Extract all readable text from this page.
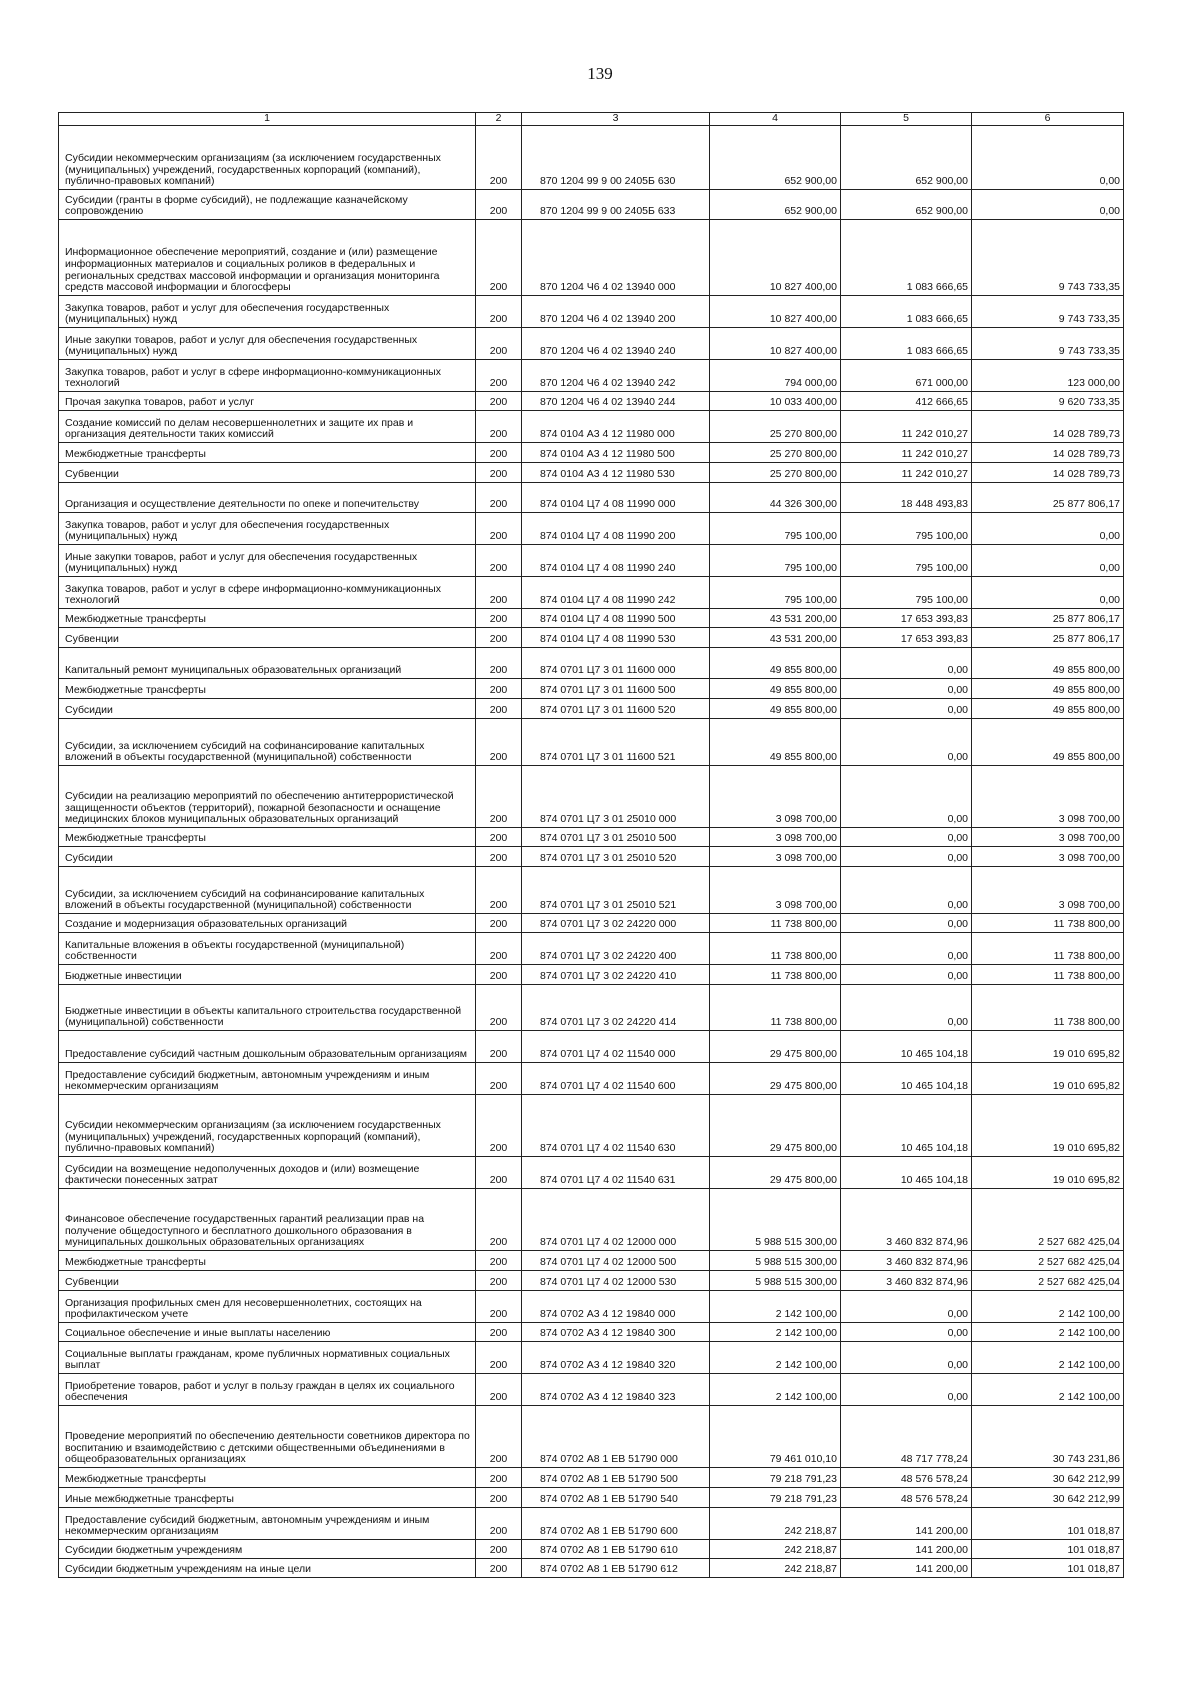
139
1	2	3	4	5	6
Субсидии некоммерческим организациям (за исключением государственных (муниципальных) учреждений, государственных корпораций (компаний), публично-правовых компаний)	200	870 1204 99 9 00 2405Б 630	652 900,00	652 900,00	0,00
Субсидии (гранты в форме субсидий), не подлежащие казначейскому сопровождению	200	870 1204 99 9 00 2405Б 633	652 900,00	652 900,00	0,00
Информационное обеспечение мероприятий, создание и (или) размещение информационных материалов и социальных роликов в федеральных и региональных средствах массовой информации и организация мониторинга средств массовой информации и блогосферы	200	870 1204 Ч6 4 02 13940 000	10 827 400,00	1 083 666,65	9 743 733,35
Закупка товаров, работ и услуг для обеспечения государственных (муниципальных) нужд	200	870 1204 Ч6 4 02 13940 200	10 827 400,00	1 083 666,65	9 743 733,35
Иные закупки товаров, работ и услуг для обеспечения государственных (муниципальных) нужд	200	870 1204 Ч6 4 02 13940 240	10 827 400,00	1 083 666,65	9 743 733,35
Закупка товаров, работ и услуг в сфере информационно-коммуникационных технологий	200	870 1204 Ч6 4 02 13940 242	794 000,00	671 000,00	123 000,00
Прочая закупка товаров, работ и услуг	200	870 1204 Ч6 4 02 13940 244	10 033 400,00	412 666,65	9 620 733,35
Создание комиссий по делам несовершеннолетних и защите их прав и организация деятельности таких комиссий	200	874 0104 А3 4 12 11980 000	25 270 800,00	11 242 010,27	14 028 789,73
Межбюджетные трансферты	200	874 0104 А3 4 12 11980 500	25 270 800,00	11 242 010,27	14 028 789,73
Субвенции	200	874 0104 А3 4 12 11980 530	25 270 800,00	11 242 010,27	14 028 789,73
Организация и осуществление деятельности по опеке и попечительству	200	874 0104 Ц7 4 08 11990 000	44 326 300,00	18 448 493,83	25 877 806,17
Закупка товаров, работ и услуг для обеспечения государственных (муниципальных) нужд	200	874 0104 Ц7 4 08 11990 200	795 100,00	795 100,00	0,00
Иные закупки товаров, работ и услуг для обеспечения государственных (муниципальных) нужд	200	874 0104 Ц7 4 08 11990 240	795 100,00	795 100,00	0,00
Закупка товаров, работ и услуг в сфере информационно-коммуникационных технологий	200	874 0104 Ц7 4 08 11990 242	795 100,00	795 100,00	0,00
Межбюджетные трансферты	200	874 0104 Ц7 4 08 11990 500	43 531 200,00	17 653 393,83	25 877 806,17
Субвенции	200	874 0104 Ц7 4 08 11990 530	43 531 200,00	17 653 393,83	25 877 806,17
Капитальный ремонт муниципальных образовательных организаций	200	874 0701 Ц7 3 01 11600 000	49 855 800,00	0,00	49 855 800,00
Межбюджетные трансферты	200	874 0701 Ц7 3 01 11600 500	49 855 800,00	0,00	49 855 800,00
Субсидии	200	874 0701 Ц7 3 01 11600 520	49 855 800,00	0,00	49 855 800,00
Субсидии, за исключением субсидий на софинансирование капитальных вложений в объекты государственной (муниципальной) собственности	200	874 0701 Ц7 3 01 11600 521	49 855 800,00	0,00	49 855 800,00
Субсидии на реализацию мероприятий по обеспечению антитеррористической защищенности объектов (территорий), пожарной безопасности и оснащение медицинских блоков муниципальных образовательных организаций	200	874 0701 Ц7 3 01 25010 000	3 098 700,00	0,00	3 098 700,00
Межбюджетные трансферты	200	874 0701 Ц7 3 01 25010 500	3 098 700,00	0,00	3 098 700,00
Субсидии	200	874 0701 Ц7 3 01 25010 520	3 098 700,00	0,00	3 098 700,00
Субсидии, за исключением субсидий на софинансирование капитальных вложений в объекты государственной (муниципальной) собственности	200	874 0701 Ц7 3 01 25010 521	3 098 700,00	0,00	3 098 700,00
Создание и модернизация образовательных организаций	200	874 0701 Ц7 3 02 24220 000	11 738 800,00	0,00	11 738 800,00
Капитальные вложения в объекты государственной (муниципальной) собственности	200	874 0701 Ц7 3 02 24220 400	11 738 800,00	0,00	11 738 800,00
Бюджетные инвестиции	200	874 0701 Ц7 3 02 24220 410	11 738 800,00	0,00	11 738 800,00
Бюджетные инвестиции в объекты капитального строительства государственной (муниципальной) собственности	200	874 0701 Ц7 3 02 24220 414	11 738 800,00	0,00	11 738 800,00
Предоставление субсидий частным дошкольным образовательным организациям	200	874 0701 Ц7 4 02 11540 000	29 475 800,00	10 465 104,18	19 010 695,82
Предоставление субсидий бюджетным, автономным учреждениям и иным некоммерческим организациям	200	874 0701 Ц7 4 02 11540 600	29 475 800,00	10 465 104,18	19 010 695,82
Субсидии некоммерческим организациям (за исключением государственных (муниципальных) учреждений, государственных корпораций (компаний), публично-правовых компаний)	200	874 0701 Ц7 4 02 11540 630	29 475 800,00	10 465 104,18	19 010 695,82
Субсидии на возмещение недополученных доходов и (или) возмещение фактически понесенных затрат	200	874 0701 Ц7 4 02 11540 631	29 475 800,00	10 465 104,18	19 010 695,82
Финансовое обеспечение государственных гарантий реализации прав на получение общедоступного и бесплатного дошкольного образования в муниципальных дошкольных образовательных организациях	200	874 0701 Ц7 4 02 12000 000	5 988 515 300,00	3 460 832 874,96	2 527 682 425,04
Межбюджетные трансферты	200	874 0701 Ц7 4 02 12000 500	5 988 515 300,00	3 460 832 874,96	2 527 682 425,04
Субвенции	200	874 0701 Ц7 4 02 12000 530	5 988 515 300,00	3 460 832 874,96	2 527 682 425,04
Организация профильных смен для несовершеннолетних, состоящих на профилактическом учете	200	874 0702 А3 4 12 19840 000	2 142 100,00	0,00	2 142 100,00
Социальное обеспечение и иные выплаты населению	200	874 0702 А3 4 12 19840 300	2 142 100,00	0,00	2 142 100,00
Социальные выплаты гражданам, кроме публичных нормативных социальных выплат	200	874 0702 А3 4 12 19840 320	2 142 100,00	0,00	2 142 100,00
Приобретение товаров, работ и услуг в пользу граждан в целях их социального обеспечения	200	874 0702 А3 4 12 19840 323	2 142 100,00	0,00	2 142 100,00
Проведение мероприятий по обеспечению деятельности советников директора по воспитанию и взаимодействию с детскими общественными объединениями в общеобразовательных организациях	200	874 0702 А8 1 ЕВ 51790 000	79 461 010,10	48 717 778,24	30 743 231,86
Межбюджетные трансферты	200	874 0702 А8 1 ЕВ 51790 500	79 218 791,23	48 576 578,24	30 642 212,99
Иные межбюджетные трансферты	200	874 0702 А8 1 ЕВ 51790 540	79 218 791,23	48 576 578,24	30 642 212,99
Предоставление субсидий бюджетным, автономным учреждениям и иным некоммерческим организациям	200	874 0702 А8 1 ЕВ 51790 600	242 218,87	141 200,00	101 018,87
Субсидии бюджетным учреждениям	200	874 0702 А8 1 ЕВ 51790 610	242 218,87	141 200,00	101 018,87
Субсидии бюджетным учреждениям на иные цели	200	874 0702 А8 1 ЕВ 51790 612	242 218,87	141 200,00	101 018,87
